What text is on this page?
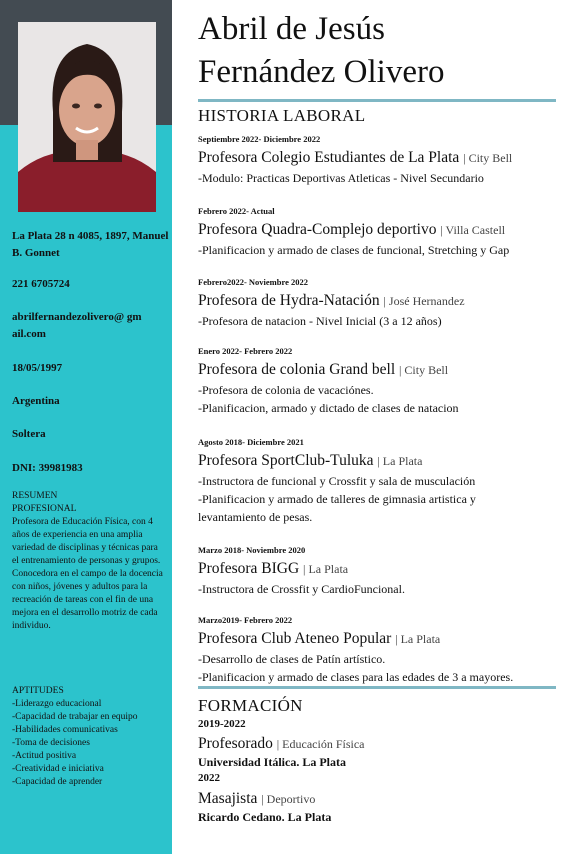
La Plata 28 n 4085, 1897, Manuel B. Gonnet
221 6705724
abrilfernandezolivero@ gmail.com
18/05/1997
Argentina
Soltera
DNI: 39981983
RESUMEN
PROFESIONAL
Profesora de Educación Física, con 4 años de experiencia en una amplia variedad de disciplinas y técnicas para el entrenamiento de personas y grupos. Conocedora en el campo de la docencia con niños, jóvenes y adultos para la recreación de tareas con el fin de una mejora en el desarrollo motriz de cada individuo.
APTITUDES
-Liderazgo educacional
-Capacidad de trabajar en equipo
-Habilidades comunicativas
-Toma de decisiones
-Actitud positiva
-Creatividad e iniciativa
-Capacidad de aprender
Abril de Jesús
Fernández Olivero
HISTORIA LABORAL
Septiembre 2022- Diciembre 2022
Profesora Colegio Estudiantes de La Plata | City Bell
-Modulo: Practicas Deportivas Atleticas - Nivel Secundario
Febrero 2022- Actual
Profesora Quadra-Complejo deportivo | Villa Castell
-Planificacion y armado de clases de funcional, Stretching y Gap
Febrero2022- Noviembre 2022
Profesora de Hydra-Natación | José Hernandez
-Profesora de natacion - Nivel Inicial (3 a 12 años)
Enero 2022- Febrero 2022
Profesora de colonia Grand bell | City Bell
-Profesora de colonia de vacaciónes.
-Planificacion, armado y dictado de clases de natacion
Agosto 2018- Diciembre 2021
Profesora SportClub-Tuluka | La Plata
-Instructora de funcional y Crossfit y sala de musculación
-Planificacion y armado de talleres de gimnasia artistica y
levantamiento de pesas.
Marzo 2018- Noviembre 2020
Profesora BIGG | La Plata
-Instructora de Crossfit y CardioFuncional.
Marzo2019- Febrero 2022
Profesora Club Ateneo Popular | La Plata
-Desarrollo de clases de Patín artístico.
-Planificacion y armado de clases para las edades de 3 a mayores.
FORMACIÓN
2019-2022
Profesorado | Educación Física
Universidad Itálica. La Plata
2022
Masajista | Deportivo
Ricardo Cedano. La Plata
